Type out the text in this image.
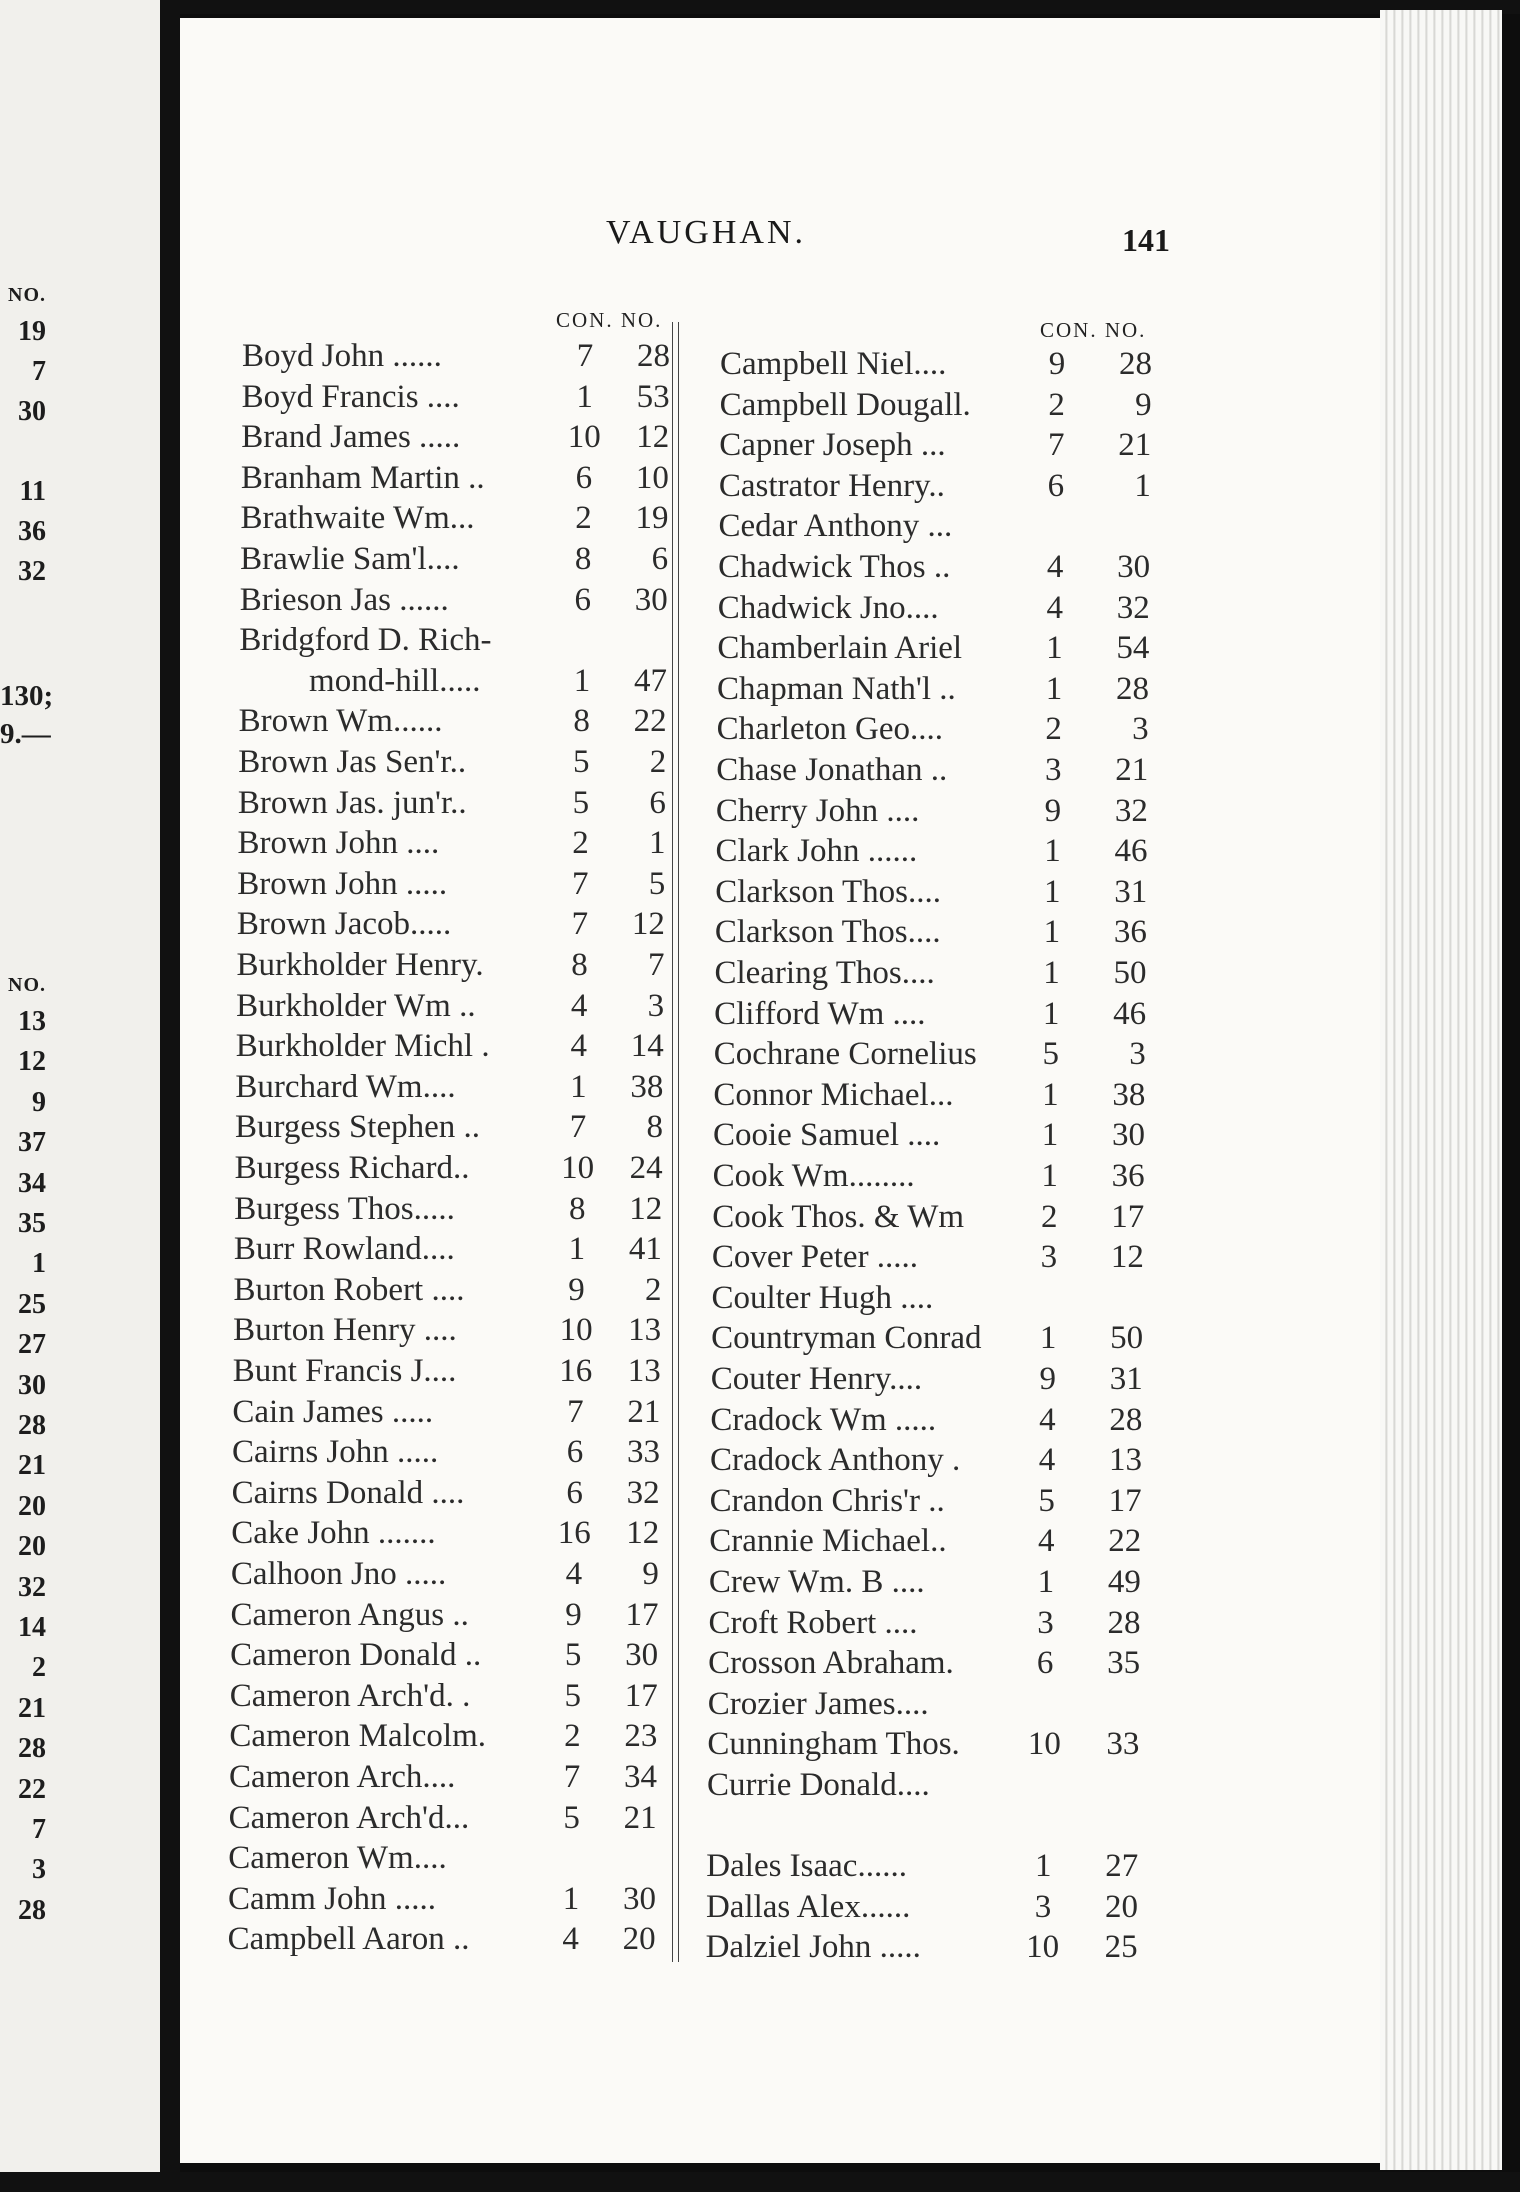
NO.
NO.
130;
9.—
19
7
30
11
36
32
13
12
9
37
34
35
1
25
27
30
28
21
20
20
32
14
2
21
28
22
7
3
28
VAUGHAN.	141
CON. NO.	CON. NO.
Boyd John ......	7	28
Boyd Francis ....	1	53
Brand James .....	10	12
Branham Martin ..	6	10
Brathwaite Wm...	2	19
Brawlie Sam'l....	8	6
Brieson Jas ......	6	30
Bridgford D. Rich-
mond-hill.....	1	47
Brown Wm......	8	22
Brown Jas Sen'r..	5	2
Brown Jas. jun'r..	5	6
Brown John ....	2	1
Brown John .....	7	5
Brown Jacob.....	7	12
Burkholder Henry.	8	7
Burkholder Wm ..	4	3
Burkholder Michl .	4	14
Burchard Wm....	1	38
Burgess Stephen ..	7	8
Burgess Richard..	10	24
Burgess Thos.....	8	12
Burr Rowland....	1	41
Burton Robert ....	9	2
Burton Henry ....	10	13
Bunt Francis J....	16	13
Cain James .....	7	21
Cairns John .....	6	33
Cairns Donald ....	6	32
Cake John .......	16	12
Calhoon Jno .....	4	9
Cameron Angus ..	9	17
Cameron Donald ..	5	30
Cameron Arch'd. .	5	17
Cameron Malcolm.	2	23
Cameron Arch....	7	34
Cameron Arch'd...	5	21
Cameron Wm....
Camm John .....	1	30
Campbell Aaron ..	4	20
Campbell Niel....	9	28
Campbell Dougall.	2	9
Capner Joseph ...	7	21
Castrator Henry..	6	1
Cedar Anthony ...
Chadwick Thos ..	4	30
Chadwick Jno....	4	32
Chamberlain Ariel	1	54
Chapman Nath'l ..	1	28
Charleton Geo....	2	3
Chase Jonathan ..	3	21
Cherry John ....	9	32
Clark John ......	1	46
Clarkson Thos....	1	31
Clarkson Thos....	1	36
Clearing Thos....	1	50
Clifford Wm ....	1	46
Cochrane Cornelius	5	3
Connor Michael...	1	38
Cooie Samuel ....	1	30
Cook Wm........	1	36
Cook Thos. & Wm	2	17
Cover Peter .....	3	12
Coulter Hugh ....
Countryman Conrad	1	50
Couter Henry....	9	31
Cradock Wm .....	4	28
Cradock Anthony .	4	13
Crandon Chris'r ..	5	17
Crannie Michael..	4	22
Crew Wm. B ....	1	49
Croft Robert ....	3	28
Crosson Abraham.	6	35
Crozier James....
Cunningham Thos. 10	33
Currie Donald....
Dales Isaac......	1	27
Dallas Alex......	3	20
Dalziel John .....	10	25
